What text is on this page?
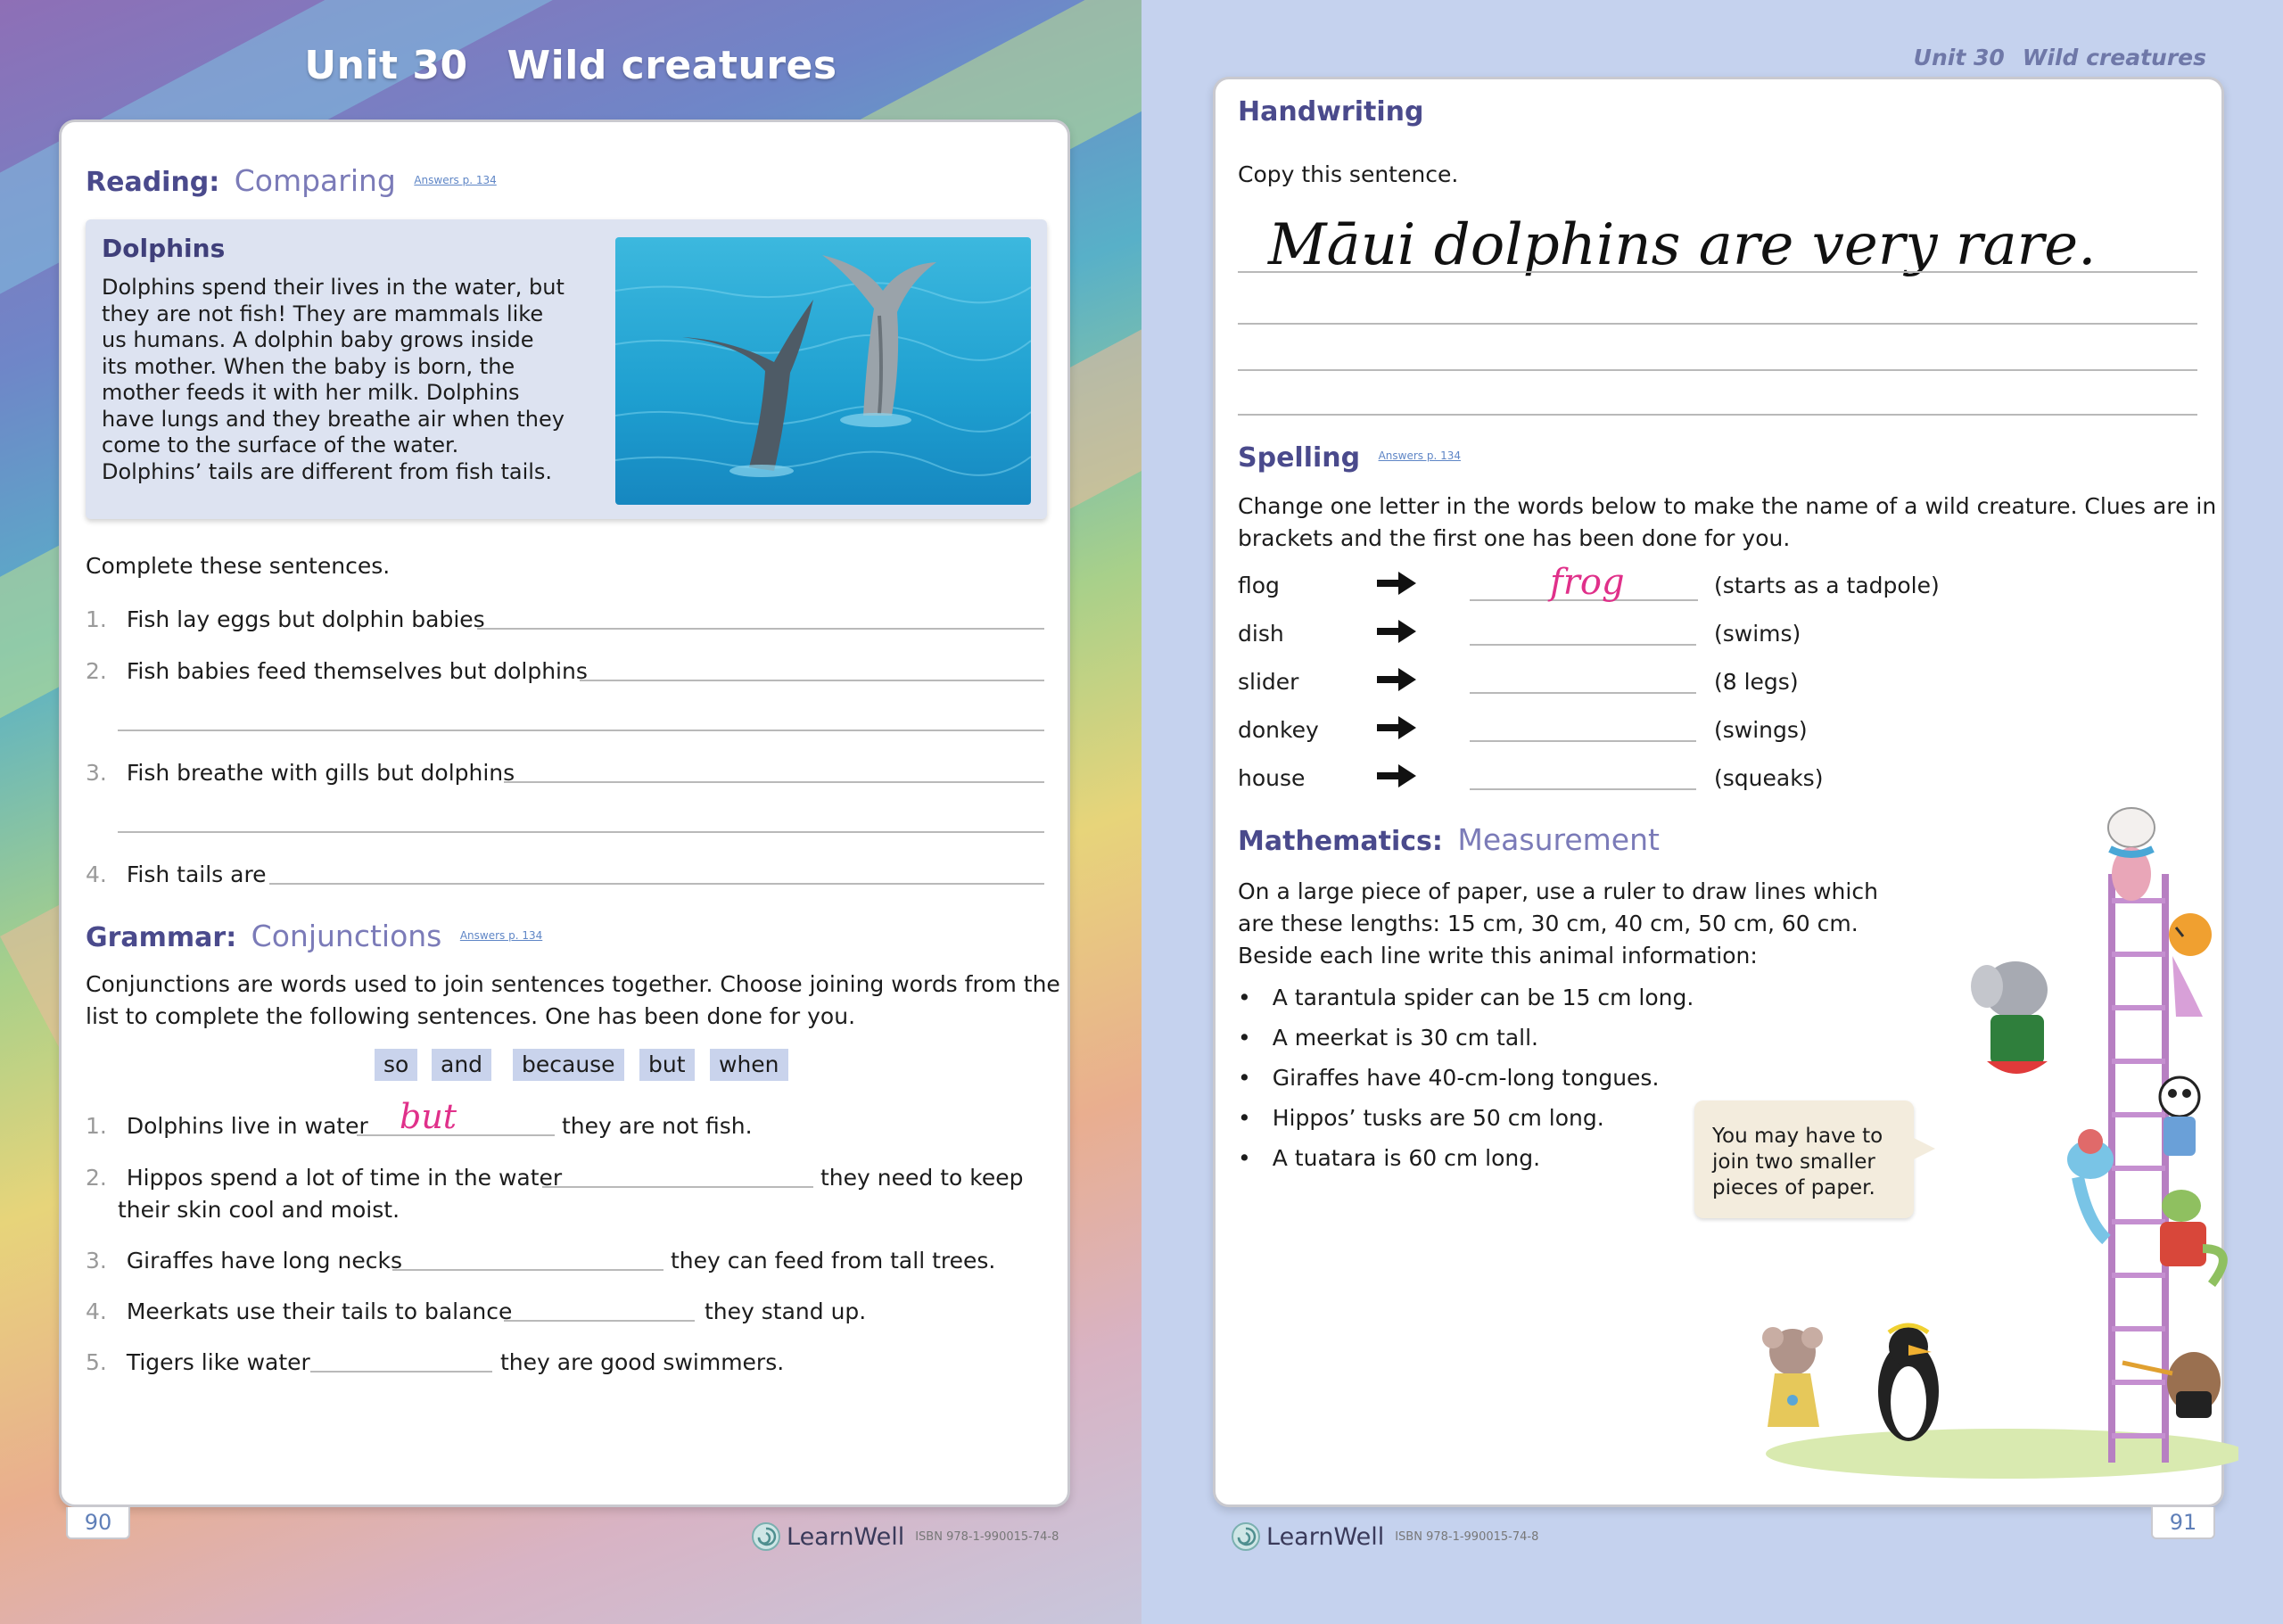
Unit 30 Wild creatures
Reading: Comparing $^{Answers p. 134}$
Dolphins
Dolphins spend their lives in the water, but
they are not fish! They are mammals like
us humans. A dolphin baby grows inside
its mother. When the baby is born, the
mother feeds it with her milk. Dolphins
have lungs and they breathe air when they
come to the surface of the water.
Dolphins’ tails are different from fish tails.
Complete these sentences.
1. Fish lay eggs but dolphin babies
2. Fish babies feed themselves but dolphins
3. Fish breathe with gills but dolphins
4. Fish tails are
Grammar: Conjunctions $^{Answers p. 134}$
Conjunctions are words used to join sentences together. Choose joining words from the
list to complete the following sentences. One has been done for you.
so	and	because	but	when
1. Dolphins live in water but	they are not fish.
2. Hippos spend a lot of time in the water	they need to keep
their skin cool and moist.
3. Giraffes have long necks	they can feed from tall trees.
4. Meerkats use their tails to balance	they stand up.
5. Tigers like water	they are good swimmers.
90
LearnWell ISBN 978-1-990015-74-8
Unit 30 Wild creatures
Handwriting
Copy this sentence.
Māui dolphins are very rare.
Spelling $^{Answers p. 134}$
Change one letter in the words below to make the name of a wild creature. Clues are in
brackets and the first one has been done for you.
flog	frog	(starts as a tadpole)
dish	(swims)
slider	(8 legs)
donkey	(swings)
house	(squeaks)
Mathematics: Measurement
On a large piece of paper, use a ruler to draw lines which
are these lengths: 15 cm, 30 cm, 40 cm, 50 cm, 60 cm.
Beside each line write this animal information:
• A tarantula spider can be 15 cm long.
• A meerkat is 30 cm tall.
• Giraffes have 40-cm-long tongues.
• Hippos’ tusks are 50 cm long.
• A tuatara is 60 cm long.
You may have to
join two smaller
pieces of paper.
91
LearnWell ISBN 978-1-990015-74-8
